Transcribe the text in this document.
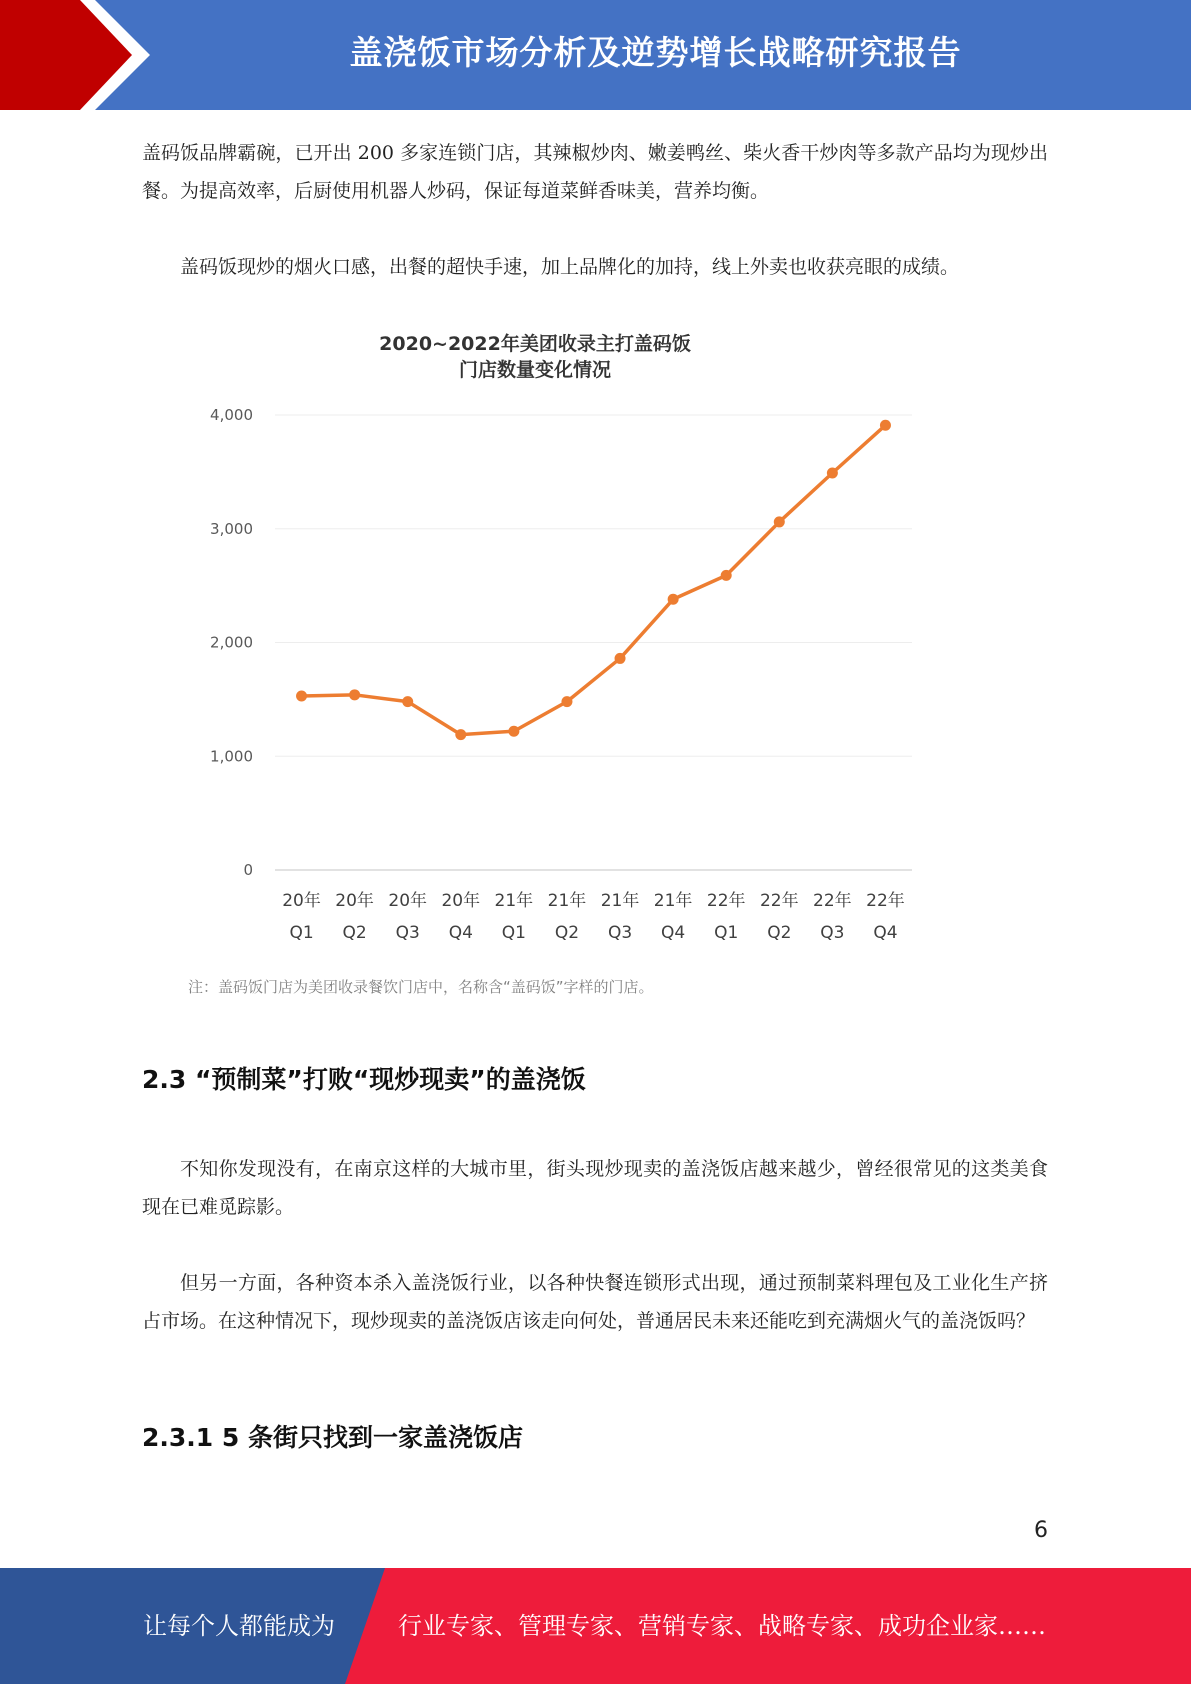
盖浇饭市场分析及逆势增长战略研究报告

盖码饭品牌霸碗，已开出 200 多家连锁门店，其辣椒炒肉、嫩姜鸭丝、柴火香干炒肉等多款产品均为现炒出餐。为提高效率，后厨使用机器人炒码，保证每道菜鲜香味美，营养均衡。

盖码饭现炒的烟火口感，出餐的超快手速，加上品牌化的加持，线上外卖也收获亮眼的成绩。

2020~2022年美团收录主打盖码饭
门店数量变化情况
0
1,000
2,000
3,000
4,000
20年
Q1
20年
Q2
20年
Q3
20年
Q4
21年
Q1
21年
Q2
21年
Q3
21年
Q4
22年
Q1
22年
Q2
22年
Q3
22年
Q4
注：盖码饭门店为美团收录餐饮门店中，名称含“盖码饭”字样的门店。
2.3 “预制菜”打败“现炒现卖”的盖浇饭

不知你发现没有，在南京这样的大城市里，街头现炒现卖的盖浇饭店越来越少，曾经很常见的这类美食现在已难觅踪影。

但另一方面，各种资本杀入盖浇饭行业，以各种快餐连锁形式出现，通过预制菜料理包及工业化生产挤占市场。在这种情况下，现炒现卖的盖浇饭店该走向何处，普通居民未来还能吃到充满烟火气的盖浇饭吗？

2.3.1 5 条街只找到一家盖浇饭店
6
让每个人都能成为	行业专家、管理专家、营销专家、战略专家、成功企业家……
